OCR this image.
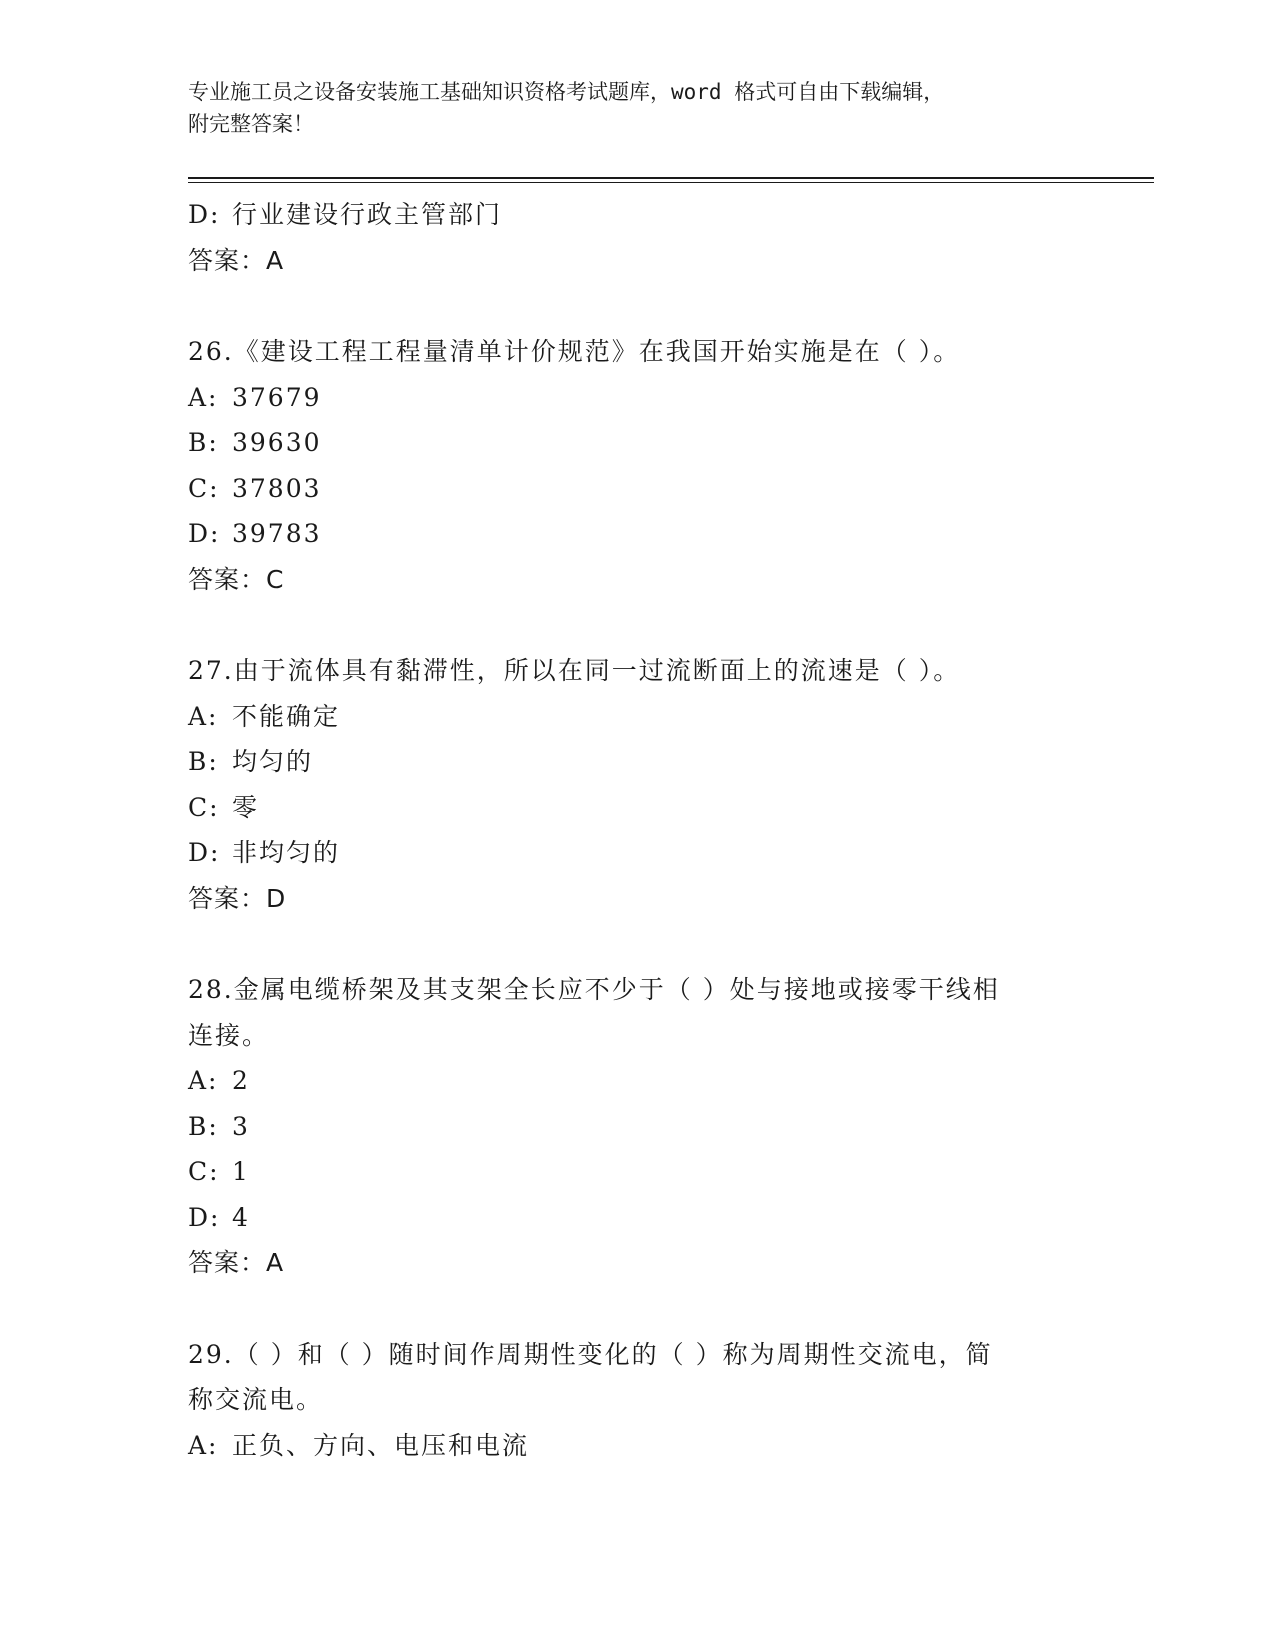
专业施工员之设备安装施工基础知识资格考试题库，word 格式可自由下载编辑，
附完整答案！
D: 行业建设行政主管部门
答案：A
26.《建设工程工程量清单计价规范》在我国开始实施是在（ ）。
A: 37679
B: 39630
C: 37803
D: 39783
答案：C
27.由于流体具有黏滞性，所以在同一过流断面上的流速是（ ）。
A: 不能确定
B: 均匀的
C: 零
D: 非均匀的
答案：D
28.金属电缆桥架及其支架全长应不少于（ ）处与接地或接零干线相
连接。
A: 2
B: 3
C: 1
D: 4
答案：A
29.（ ）和（ ）随时间作周期性变化的（ ）称为周期性交流电，简
称交流电。
A: 正负、方向、电压和电流
